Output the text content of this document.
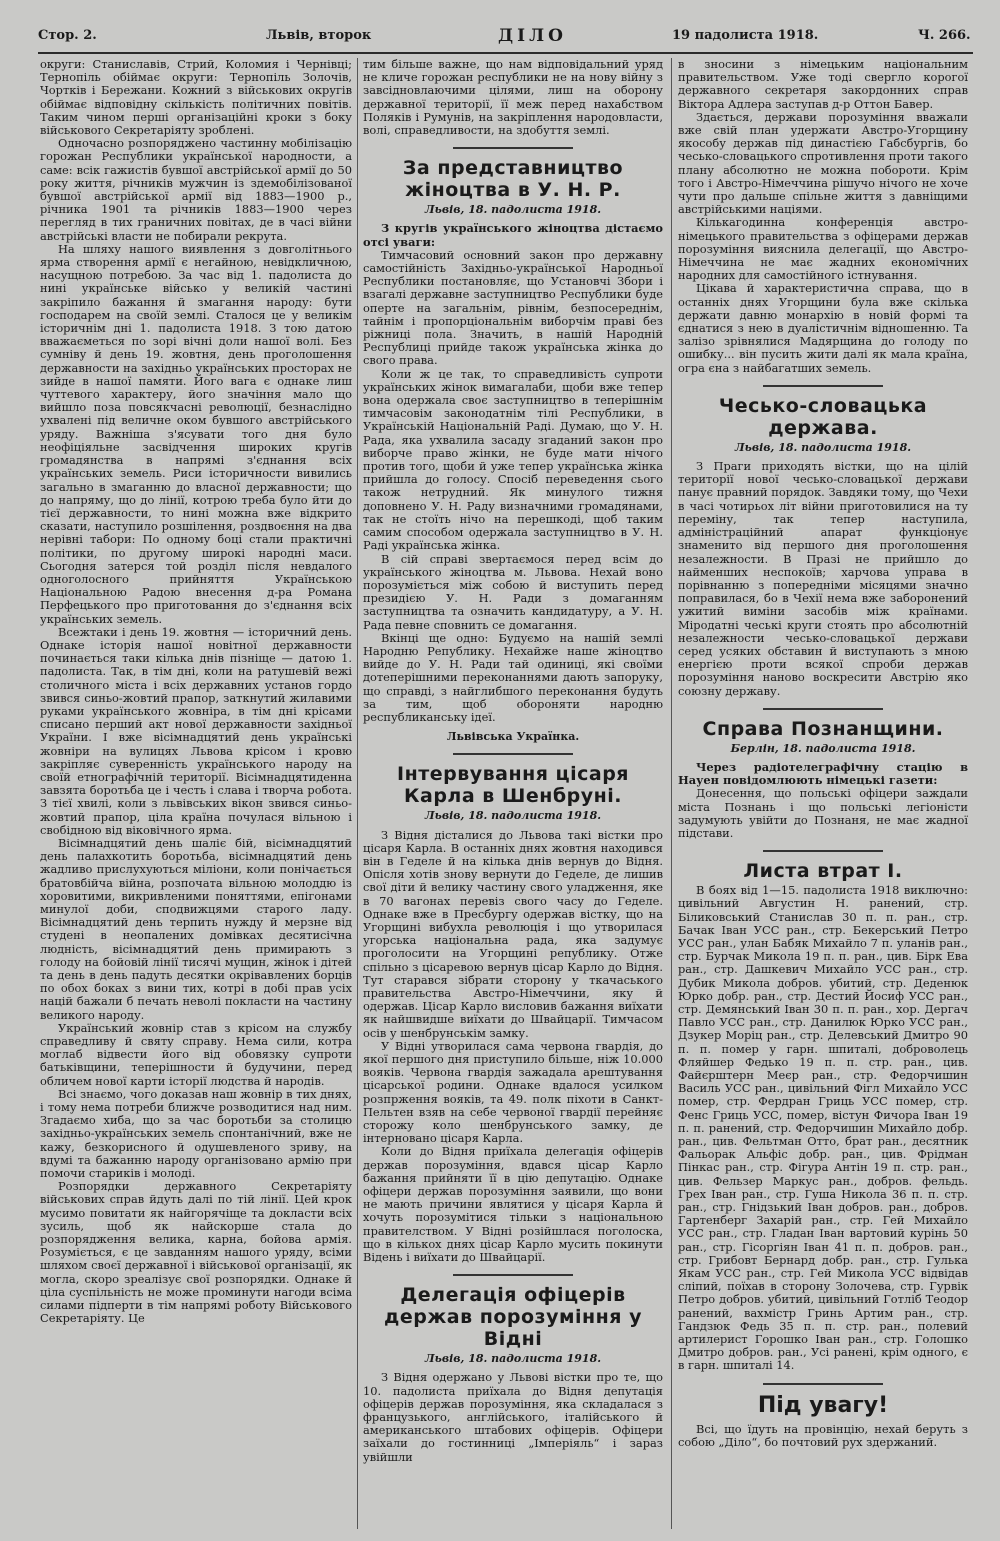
Стор. 2.	Львів, второк	ДІЛО	19 падолиста 1918.	Ч. 266.

округи: Станиславів, Стрий, Коломия і Чернівці; Тернопіль обіймає округи: Тернопіль Золочів, Чортків і Бережани. Кожний з військових округів обіймає відповідну скількість політичних повітів. Таким чином перші організаційні кроки з боку військового Секретаріяту зроблені.

Одночасно розпоряджено частинну мобілізацію горожан Республики української народности, а саме: всік гажистів бувшої австрійської армії до 50 року життя, річників мужчин із здемобілізованої бувшої австрійської армії від 1883—1900 р., річника 1901 та річників 1883—1900 через перегляд в тих граничних повітах, де в часі війни австрійські власти не побирали рекрута.

На шляху нашого виявлення з довголітнього ярма створення армії є негайною, невідкличною, насущною потребою. За час від 1. падолиста до нині українське військо у великій частині закріпило бажання й змагання народу: бути господарем на своїй землі. Сталося це у великім історичнім дні 1. падолиста 1918. З тою датою вважаєметься по зорі вічні доли нашої волі. Без сумніву й день 19. жовтня, день проголошення державности на західньо українських просторах не зийде в нашої памяти. Його вага є однаке лиш чуттевого характеру, його значіння мало що вийшло поза повсякчасні революції, безнаслідно ухвалені під величне оком бувшого австрійського уряду. Важніша з'ясувати того дня було неофіціяльне засвідчення широких кругів громадянства в напрямі з'єднання всіх українських земель. Риси історичности вивились загально в змаганню до власної державности; що до напряму, що до лінії, котрою треба було йти до тієї державности, то нині можна вже відкрито сказати, наступило розшілення, роздвоєння на два нерівні табори: По одному боці стали практичні політики, по другому широкі народні маси. Сьогодня затерся той розділ після невдалого одноголосного прийняття Українською Національною Радою внесення д-ра Романа Перфецького про приготовання до з'єднання всіх українських земель.

Всежтаки і день 19. жовтня — історичний день. Однаке історія нашої новітної державности починається таки кілька днів пізніще — датою 1. падолиста. Так, в тім дні, коли на ратушевій вежі столичного міста і всіх державних установ гордо звився синьо-жовтий прапор, заткнутий жилавими руками українського жовніра, в тім дні крісами списано перший акт нової державности західньої України. І вже вісімнадцятий день українські жовніри на вулицях Львова крісом і кровю закріпляє суверенність українського народу на своїй етнографічній території. Вісімнадцятиденна завзята боротьба це і честь і слава і творча робота. З тієї хвилі, коли з львівських вікон звився синьо-жовтий прапор, ціла країна почулася вільною і свобідною від віковічного ярма.

Вісімнадцятий день шаліє бій, вісімнадцятий день палахкотить боротьба, вісімнадцятий день жадливо прислухуються міліони, коли понічається братовбійча війна, розпочата вільною молоддю із хоровитими, викривленими поняттями, епігонами минулої доби, сподвижцями старого ладу. Вісімнадцятий день терпить нужду й мерзне від студені в неопалених домівках десятисічна людність, вісімнадцятий день примирають з голоду на бойовій лінії тисячі мущин, жінок і дітей та день в день падуть десятки окрівавлених борців по обох боках з вини тих, котрі в добі прав усіх націй бажали б печать неволі покласти на частину великого народу.

Український жовнір став з крісом на службу справедливу й святу справу. Нема сили, котра моглаб відвести його від обовязку супроти батьківщини, теперішности й будучини, перед обличем нової карти історії людства й народів.

Всі знаємо, чого доказав наш жовнір в тих днях, і тому нема потреби ближче розводитися над ним. Згадаємо хиба, що за час боротьби за столицю західньо-українських земель спонтанічний, вже не кажу, безкорисного й одушевленого зриву, на вдумі та бажанню народу організовано армію при помочи стариків і молоді.

Розпорядки державного Секретаріяту військових справ йдуть далі по тій лінії. Цей крок мусимо повитати як найгорячіще та докласти всіх зусиль, щоб як найскорше стала до розпорядження велика, карна, бойова армія. Розуміється, є це завданням нашого уряду, всіми шляхом своєї державної і військової організації, як могла, скоро зреалізує свої розпорядки. Однаке й ціла суспільність не може проминути нагоди всіма силами підперти в тім напрямі роботу Військового Секретаріяту. Це

тим більше важне, що нам відповідальний уряд не кличе горожан республики не на нову війну з завсідновлаючими цілями, лиш на оборону державної території, її меж перед нахабством Поляків і Румунів, на закріплення народовласти, волі, справедливости, на здобуття землі.

За представництво жіноцтва в У. Н. Р.
Львів, 18. падолиста 1918.

З кругів українського жіноцтва дістаємо отсі уваги:

Тимчасовий основний закон про державну самостійність Західньо-української Народньої Республики постановляє, що Установчі Збори і взагалі державне заступництво Республики буде оперте на загальнім, рівнім, безпосереднім, тайнім і пропорціональнім виборчім праві без ріжниці пола. Значить, в нашій Народній Республиці прийде також українська жінка до свого права.

Коли ж це так, то справедливість супроти українських жінок вимагалаби, щоби вже тепер вона одержала своє заступництво в теперішнім тимчасовім законодатнім тілі Республики, в Українській Національній Раді. Думаю, що У. Н. Рада, яка ухвалила засаду згаданий закон про виборче право жінки, не буде мати нічого против того, щоби й уже тепер українська жінка прийшла до голосу. Спосіб переведення сього також нетрудний. Як минулого тижня доповнено У. Н. Раду визначними громадянами, так не стоїть нічо на перешкоді, щоб таким самим способом одержала заступництво в У. Н. Раді українська жінка.

В сій справі звертаємося перед всім до українського жіноцтва м. Львова. Нехай воно порозуміється між собою й виступить перед президією У. Н. Ради з домаганням заступництва та означить кандидатуру, а У. Н. Рада певне сповнить се домагання.

Вкінці ще одно: Будуємо на нашій землі Народню Републику. Нехайже наше жіноцтво вийде до У. Н. Ради тай одиниці, які своїми дотеперішними переконаннями дають запоруку, що справді, з найглибшого переконання будуть за тим, щоб обороняти народню республиканську ідеї.

Львівська Українка.
Інтервування цісаря Карла в Шенбруні.
Львів, 18. падолиста 1918.

З Відня дісталися до Львова такі вістки про цісаря Карла. В останніх днях жовтня находився він в Геделе й на кілька днів вернув до Відня. Опісля хотів знову вернути до Геделе, де лишив свої діти й велику частину свого уладження, яке в 70 вагонах перевіз свого часу до Геделе. Однаке вже в Пресбургу одержав вістку, що на Угорщині вибухла революція і що утворилася угорська національна рада, яка задумує проголосити на Угорщині републику. Отже спільно з цісаревою вернув цісар Карло до Відня. Тут старався зібрати сторону у ткачаського правительства Австро-Німеччини, яку й одержав. Цісар Карло висловив бажання виїхати як найшвидше виїхати до Швайцарії. Тимчасом осів у шенбрунськім замку.

У Відні утворилася сама червона гвардія, до якої першого дня приступило більше, ніж 10.000 вояків. Червона гвардія зажадала арештування цісарської родини. Однаке вдалося усилком розпрження вояків, та 49. полк піхоти в Санкт-Пельтен взяв на себе червоної гвардії перейняє сторожу коло шенбрунського замку, де інтерновано цісаря Карла.

Коли до Відня приїхала делегація офіцерів держав порозуміння, вдався цісар Карло бажання прийняти її в цію депутацію. Однаке офіцери держав порозуміння заявили, що вони не мають причини являтися у цісаря Карла й хочуть порозумітися тільки з національною правителством. У Відні розійшлася поголоска, що в кількох днях цісар Карло мусить покинути Відень і виїхати до Швайцарії.

Делегація офіцерів держав порозуміння у Відні
Львів, 18. падолиста 1918.

З Відня одержано у Львові вістки про те, що 10. падолиста приїхала до Відня депутація офіцерів держав порозуміння, яка складалася з французького, англійського, італійського й американського штабових офіцерів. Офіцери заїхали до гостинниці „Імперіяль“ і зараз увійшли

в зносини з німецьким національним правительством. Уже тоді свергло корогої державного секретаря закордонних справ Віктора Адлера заступав д-р Оттон Бавер.

Здається, держави порозуміння вважали вже свій план удержати Австро-Угорщину якособу держав під династією Габсбургів, бо чесько-словацького спротивлення проти такого плану абсолютно не можна побороти. Крім того і Австро-Німеччина рішучо нічого не хоче чути про дальше спільне життя з давніщими австрійськими націями.

Кількагодинна конференція австро-німецького правительства з офіцерами держав порозуміння вияснила делегації, що Австро-Німеччина не має жадних економічних народних для самостійного істнування.

Цікава й характеристична справа, що в останніх днях Угорщини була вже скілька держати давню монархію в новій формі та єднатися з нею в дуалістичнім відношенню. Та залізо зрівнялися Мадярщина до голоду по ошибку... він пусить жити далі як мала країна, огра єна з найбагатших земель.

Чесько-словацька держава.
Львів, 18. падолиста 1918.

З Праги приходять вістки, що на цілій території нової чесько-словацької держави панує правний порядок. Завдяки тому, що Чехи в часі чотирьох літ війни приготовилися на ту переміну, так тепер наступила, адміністраційний апарат функціонує знаменито від першого дня проголошення незалежности. В Празі не прийшло до найменших неспокоїв; харчова управа в порівнанню з попередніми місяцями значно поправилася, бо в Чехії нема вже заборонений ужитий виміни засобів між країнами. Міродатні чеські круги стоять про абсолютній незалежности чесько-словацької держави серед усяких обставин й виступають з мною енергією проти всякої спроби держав порозуміння наново воскресити Австрію яко союзну державу.

Справа Познанщини.
Берлін, 18. падолиста 1918.

Через радіотелеграфічну стацію в Науен повідомлюють німецькі газети:

Донесення, що польські офіцери заждали міста Познань і що польські легіоністи задумують увійти до Познаня, не має жадної підстави.

Листа втрат І.

В боях від 1—15. падолиста 1918 виключно: цивільний Августин Н. ранений, стр. Біликовський Станислав 30 п. п. ран., стр. Бачак Іван УСС ран., стр. Бекерський Петро УСС ран., улан Бабяк Михайло 7 п. уланів ран., стр. Бурчак Микола 19 п. п. ран., цив. Бірк Ева ран., стр. Дашкевич Михайло УСС ран., стр. Дубик Микола добров. убитий, стр. Деденюк Юрко добр. ран., стр. Дестий Йосиф УСС ран., стр. Демянський Іван 30 п. п. ран., хор. Дергач Павло УСС ран., стр. Данилюк Юрко УСС ран., Дзукер Моріц ран., стр. Делевський Дмитро 90 п. п. помер у гарн. шпиталі, доброволець Фляйшер Федько 19 п. п. стр. ран., цив. Файєрштерн Меєр ран., стр. Федорчишин Василь УСС ран., цивільний Фігл Михайло УСС помер, стр. Фердран Гриць УСС помер, стр. Фенс Гриць УСС, помер, вістун Фичора Іван 19 п. п. ранений, стр. Федорчишин Михайло добр. ран., цив. Фельтман Отто, брат ран., десятник Фальорак Альфіс добр. ран., цив. Фрідман Пінкас ран., стр. Фігура Антін 19 п. стр. ран., цив. Фельзер Маркус ран., добров. фельдь. Грех Іван ран., стр. Гуша Никола 36 п. п. стр. ран., стр. Гнідзький Іван добров. ран., добров. Гартенберг Захарій ран., стр. Гей Михайло УСС ран., стр. Гладан Іван вартовий курінь 50 ран., стр. Гісоргіян Іван 41 п. п. добров. ран., стр. Грибовт Бернард добр. ран., стр. Гулька Якам УСС ран., стр. Гей Микола УСС відвідав сліпий, поїхав в сторону Золочева, стр. Гурвік Петро добров. убитий, цивільний Готліб Теодор ранений, вахмістр Гринь Артим ран., стр. Гандзюк Федь 35 п. п. стр. ран., полевий артилерист Горошко Іван ран., стр. Голошко Дмитро добров. ран., Усі ранені, крім одного, є в гарн. шпиталі 14.

Під увагу!

Всі, що їдуть на провінцію, нехай беруть з собою „Діло“, бо почтовий рух здержаний.
